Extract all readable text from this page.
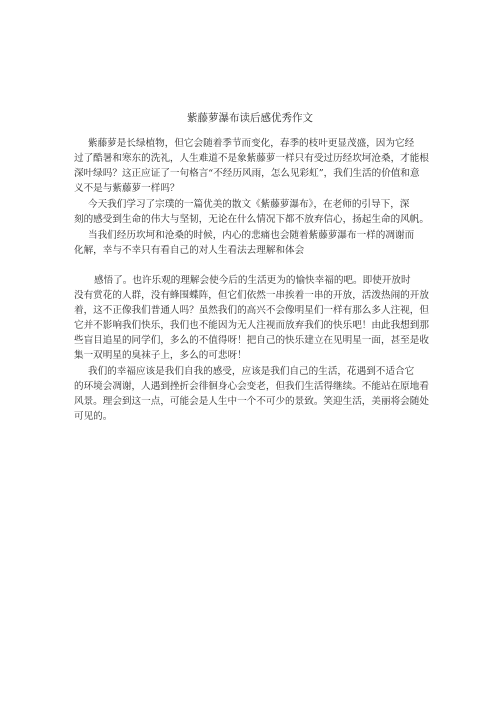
紫藤萝瀑布读后感优秀作文
紫藤萝是长绿植物，但它会随着季节而变化，春季的枝叶更显茂盛，因为它经
过了酷暑和寒东的洗礼，人生难道不是象紫藤萝一样只有受过历经坎坷沧桑，才能根
深叶绿吗？这正应证了一句格言“不经历风雨，怎么见彩虹”，我们生活的价值和意
义不是与紫藤萝一样吗？
今天我们学习了宗璞的一篇优美的散文《紫藤萝瀑布》，在老师的引导下，深
刻的感受到生命的伟大与坚韧，无论在什么情况下都不放弃信心，扬起生命的风帆。
当我们经历坎坷和沧桑的时候，内心的悲痛也会随着紫藤萝瀑布一样的凋谢而
化解，幸与不幸只有看自己的对人生看法去理解和体会
感悟了。也许乐观的理解会使今后的生活更为的愉快幸福的吧。即使开放时
没有赏花的人群，没有蜂围蝶阵，但它们依然一串挨着一串的开放，活泼热闹的开放
着，这不正像我们普通人吗？虽然我们的高兴不会像明星们一样有那么多人注视，但
它并不影响我们快乐，我们也不能因为无人注视而放弃我们的快乐吧！由此我想到那
些盲目追星的同学们，多么的不值得呀！把自己的快乐建立在见明星一面，甚至是收
集一双明星的臭袜子上，多么的可悲呀！
我们的幸福应该是我们自我的感受，应该是我们自己的生活，花遇到不适合它
的环境会凋谢，人遇到挫折会徘徊身心会变老，但我们生活得继续。不能站在原地看
风景。理会到这一点，可能会是人生中一个不可少的景致。笑迎生活，美丽将会随处
可见的。
